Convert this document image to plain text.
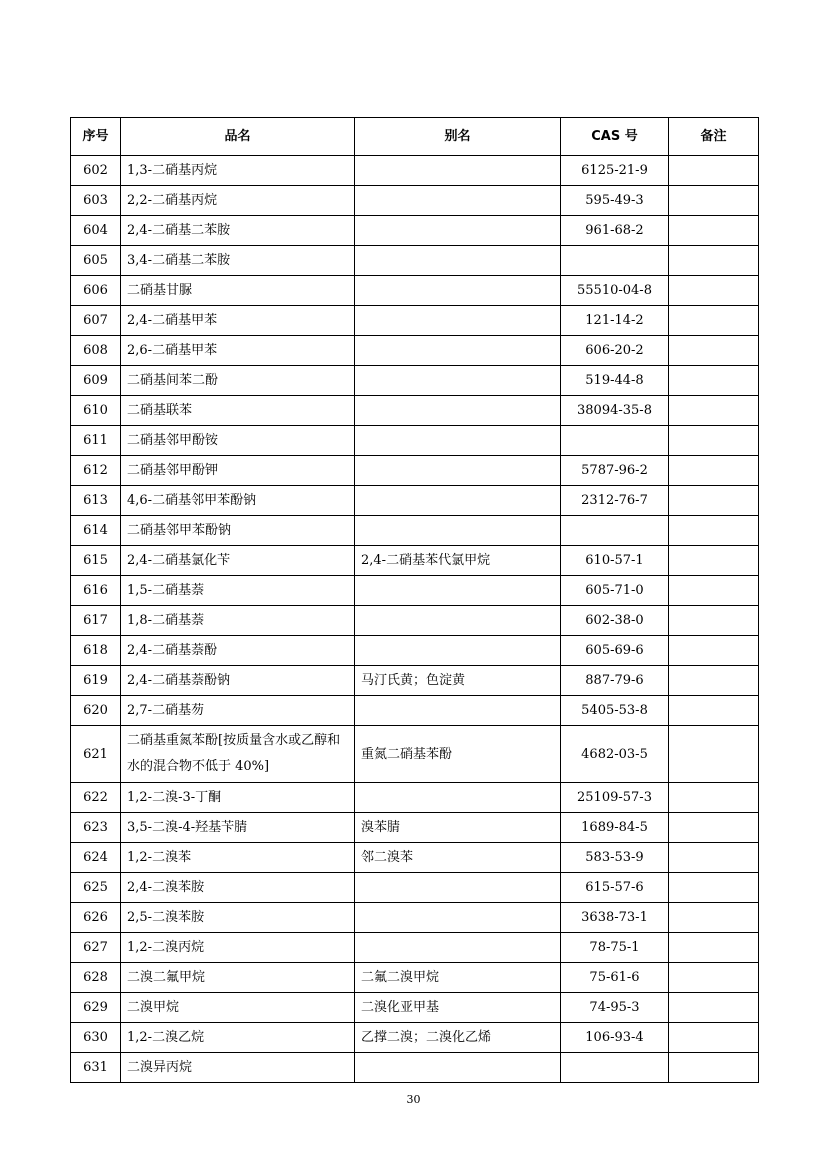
序号	品名	别名	CAS 号	备注
602	1,3-二硝基丙烷		6125-21-9	
603	2,2-二硝基丙烷		595-49-3	
604	2,4-二硝基二苯胺		961-68-2	
605	3,4-二硝基二苯胺			
606	二硝基甘脲		55510-04-8	
607	2,4-二硝基甲苯		121-14-2	
608	2,6-二硝基甲苯		606-20-2	
609	二硝基间苯二酚		519-44-8	
610	二硝基联苯		38094-35-8	
611	二硝基邻甲酚铵			
612	二硝基邻甲酚钾		5787-96-2	
613	4,6-二硝基邻甲苯酚钠		2312-76-7	
614	二硝基邻甲苯酚钠			
615	2,4-二硝基氯化苄	2,4-二硝基苯代氯甲烷	610-57-1	
616	1,5-二硝基萘		605-71-0	
617	1,8-二硝基萘		602-38-0	
618	2,4-二硝基萘酚		605-69-6	
619	2,4-二硝基萘酚钠	马汀氏黄；色淀黄	887-79-6	
620	2,7-二硝基芴		5405-53-8	
621	二硝基重氮苯酚[按质量含水或乙醇和水的混合物不低于 40%]	重氮二硝基苯酚	4682-03-5	
622	1,2-二溴-3-丁酮		25109-57-3	
623	3,5-二溴-4-羟基苄腈	溴苯腈	1689-84-5	
624	1,2-二溴苯	邻二溴苯	583-53-9	
625	2,4-二溴苯胺		615-57-6	
626	2,5-二溴苯胺		3638-73-1	
627	1,2-二溴丙烷		78-75-1	
628	二溴二氟甲烷	二氟二溴甲烷	75-61-6	
629	二溴甲烷	二溴化亚甲基	74-95-3	
630	1,2-二溴乙烷	乙撑二溴；二溴化乙烯	106-93-4	
631	二溴异丙烷			
30
